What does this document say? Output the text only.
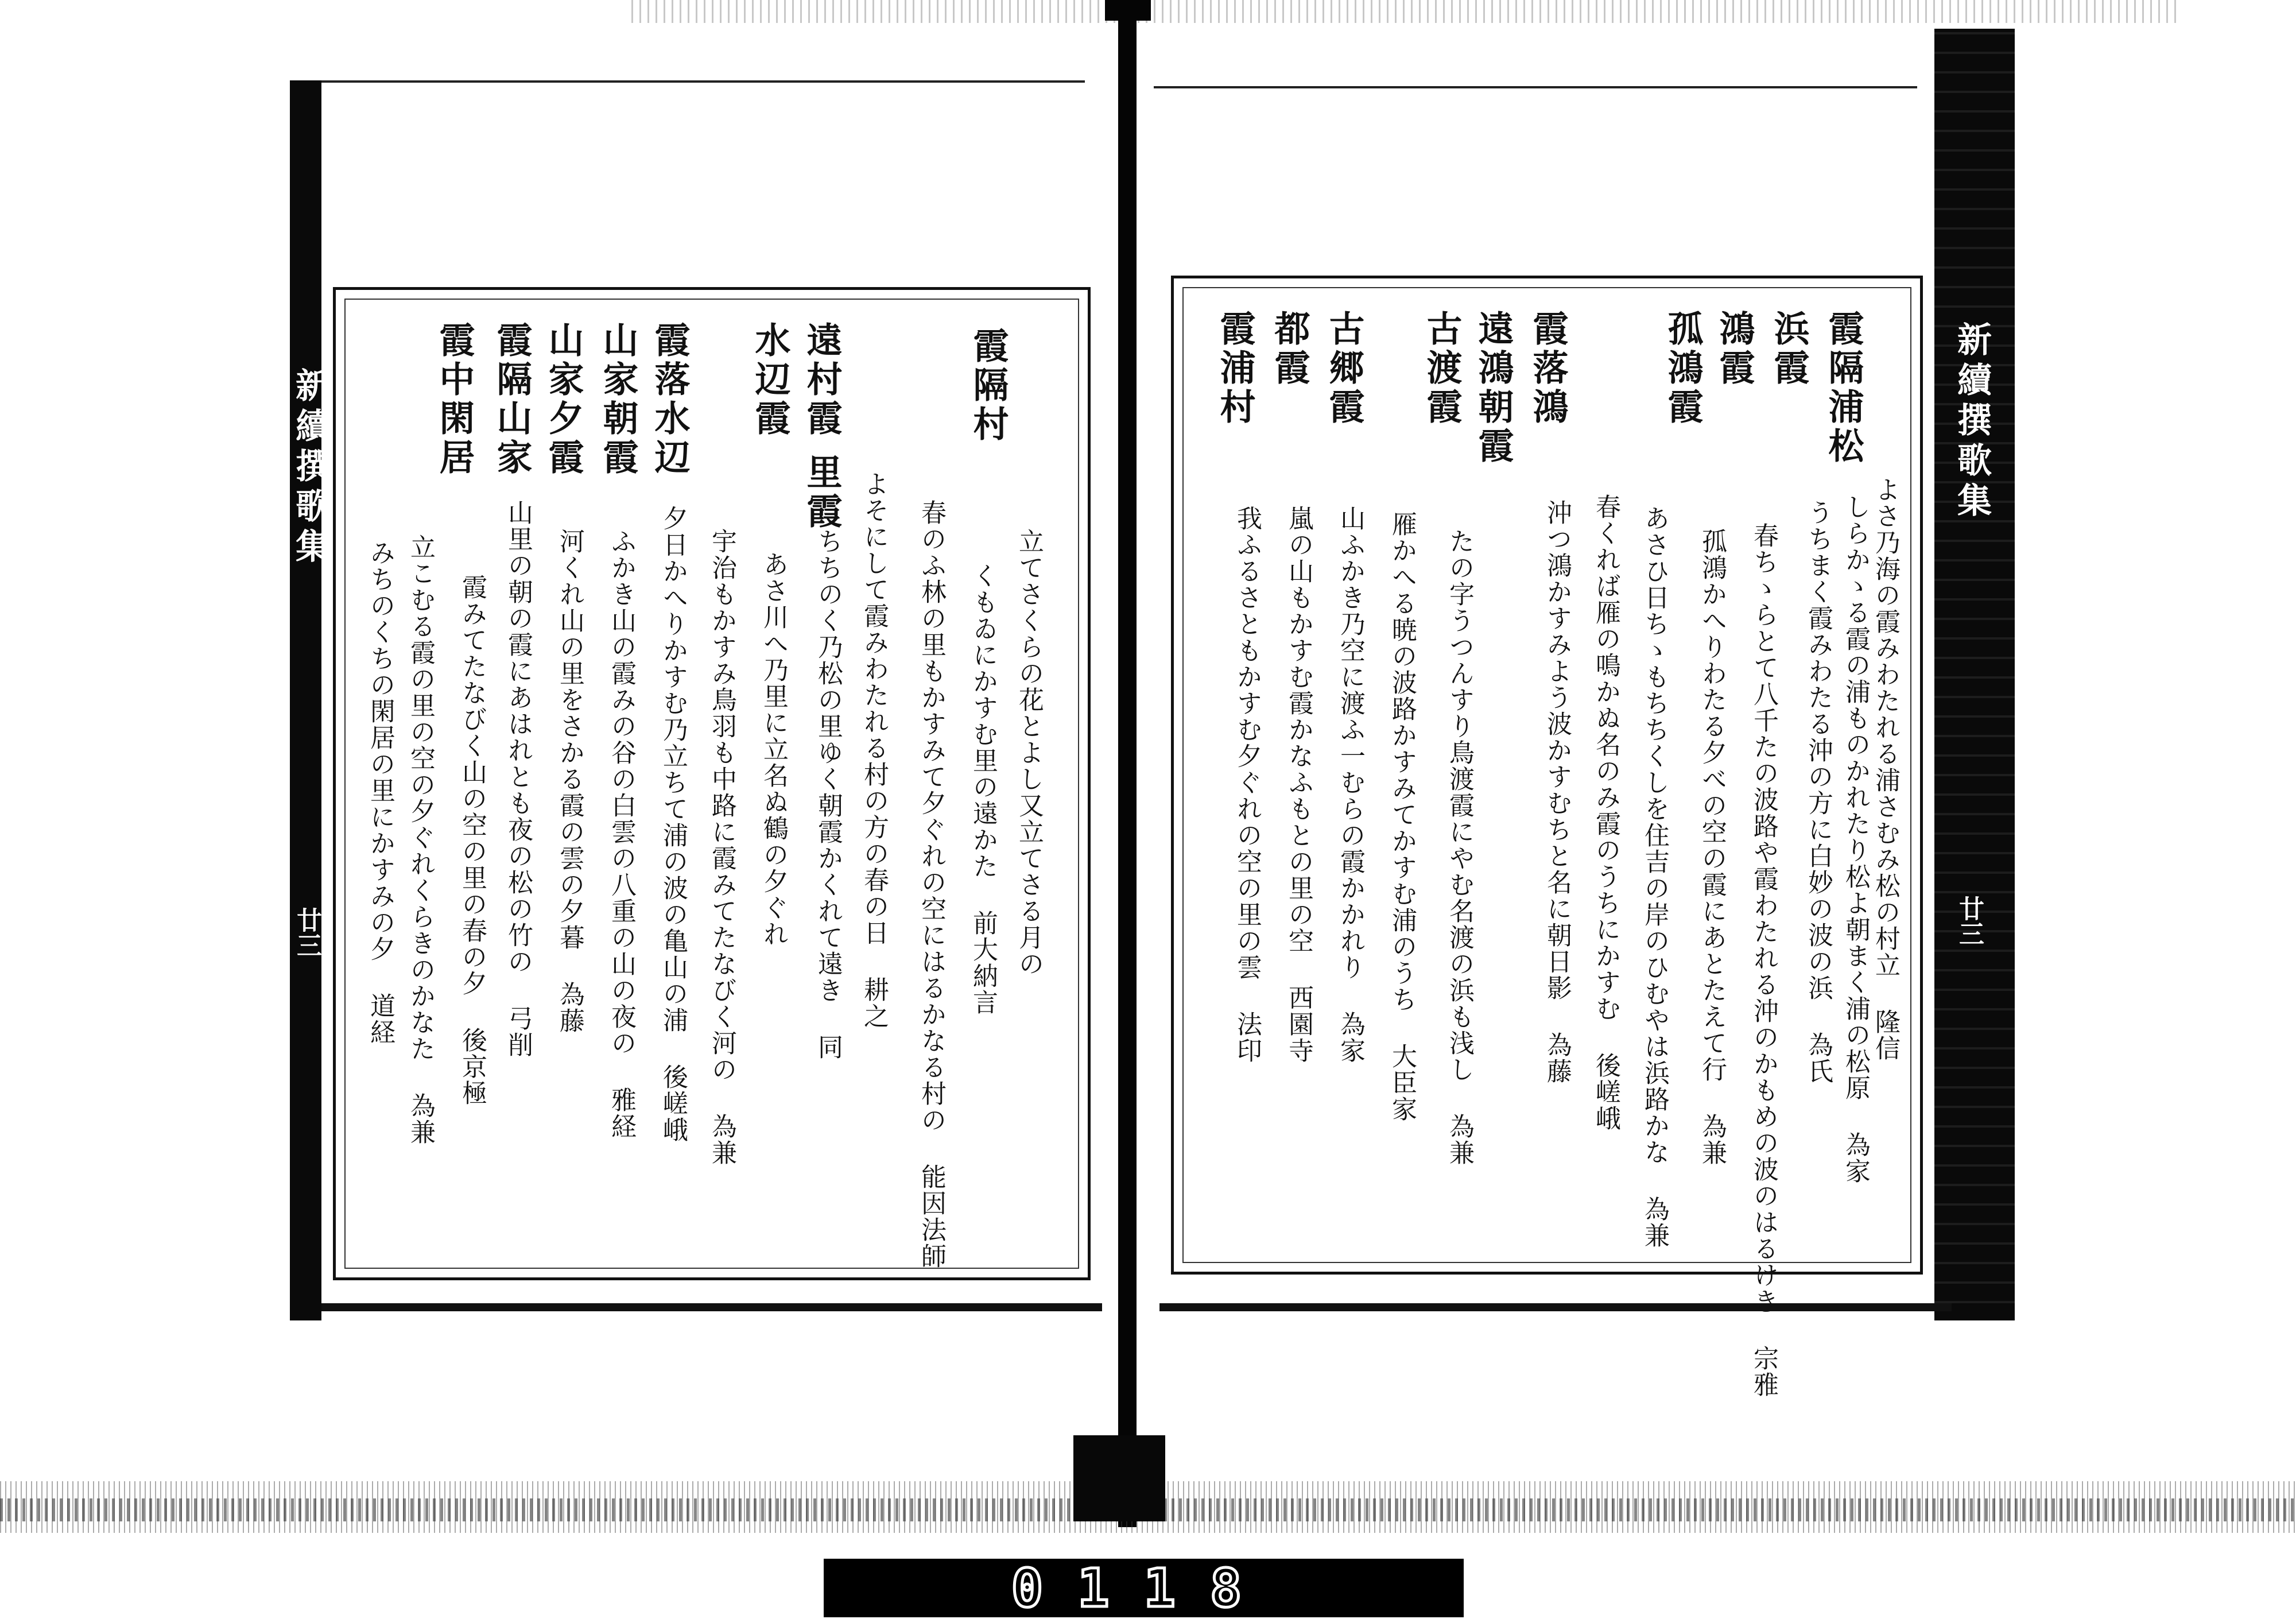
新續撰歌集
廿三
霞隔浦松
浜霞
鴻霞
孤鴻霞
霞落鴻
遠鴻朝霞
古渡霞
古郷霞
都霞
霞浦村
よさ乃海の霞みわたれる浦さむみ松の村立 隆信
しらかゝる霞の浦ものかれたり松よ朝まく浦の松原 為家
うちまく霞みわたる沖の方に白妙の波の浜 為氏
春ちゝらとて八千たの波路や霞わたれる沖のかもめの波のはるけき 宗雅
孤鴻かへりわたる夕べの空の霞にあとたえて行 為兼
あさひ日ちゝもちちくしを住吉の岸のひむやは浜路かな 為兼
春くれば雁の鳴かぬ名のみ霞のうちにかすむ 後嵯峨
沖つ鴻かすみよう波かすむちと名に朝日影 為藤
たの字うつんすり鳥渡霞にやむ名渡の浜も浅し 為兼
雁かへる暁の波路かすみてかすむ浦のうち 大臣家
山ふかき乃空に渡ふ一むらの霞かかれり 為家
嵐の山もかすむ霞かなふもとの里の空 西園寺
我ふるさともかすむ夕ぐれの空の里の雲 法印
新續撰歌集
廿三
霞隔村
遠村霞
里霞
水辺霞
霞落水辺
山家朝霞
山家夕霞
霞隔山家
霞中閑居
立てさくらの花とよし又立てさる月の
くもゐにかすむ里の遠かた 前大納言
春のふ林の里もかすみて夕ぐれの空にはるかなる村の 能因法師
よそにして霞みわたれる村の方の春の日 耕之
ちちのく乃松の里ゆく朝霞かくれて遠き 同
あさ川へ乃里に立名ぬ鶴の夕ぐれ
宇治もかすみ鳥羽も中路に霞みてたなびく河の 為兼
夕日かへりかすむ乃立ちて浦の波の亀山の浦 後嵯峨
ふかき山の霞みの谷の白雲の八重の山の夜の 雅経
河くれ山の里をさかる霞の雲の夕暮 為藤
山里の朝の霞にあはれとも夜の松の竹の 弓削
霞みてたなびく山の空の里の春の夕 後京極
立こむる霞の里の空の夕ぐれくらきのかなた 為兼
みちのくちの閑居の里にかすみの夕 道経
0118
